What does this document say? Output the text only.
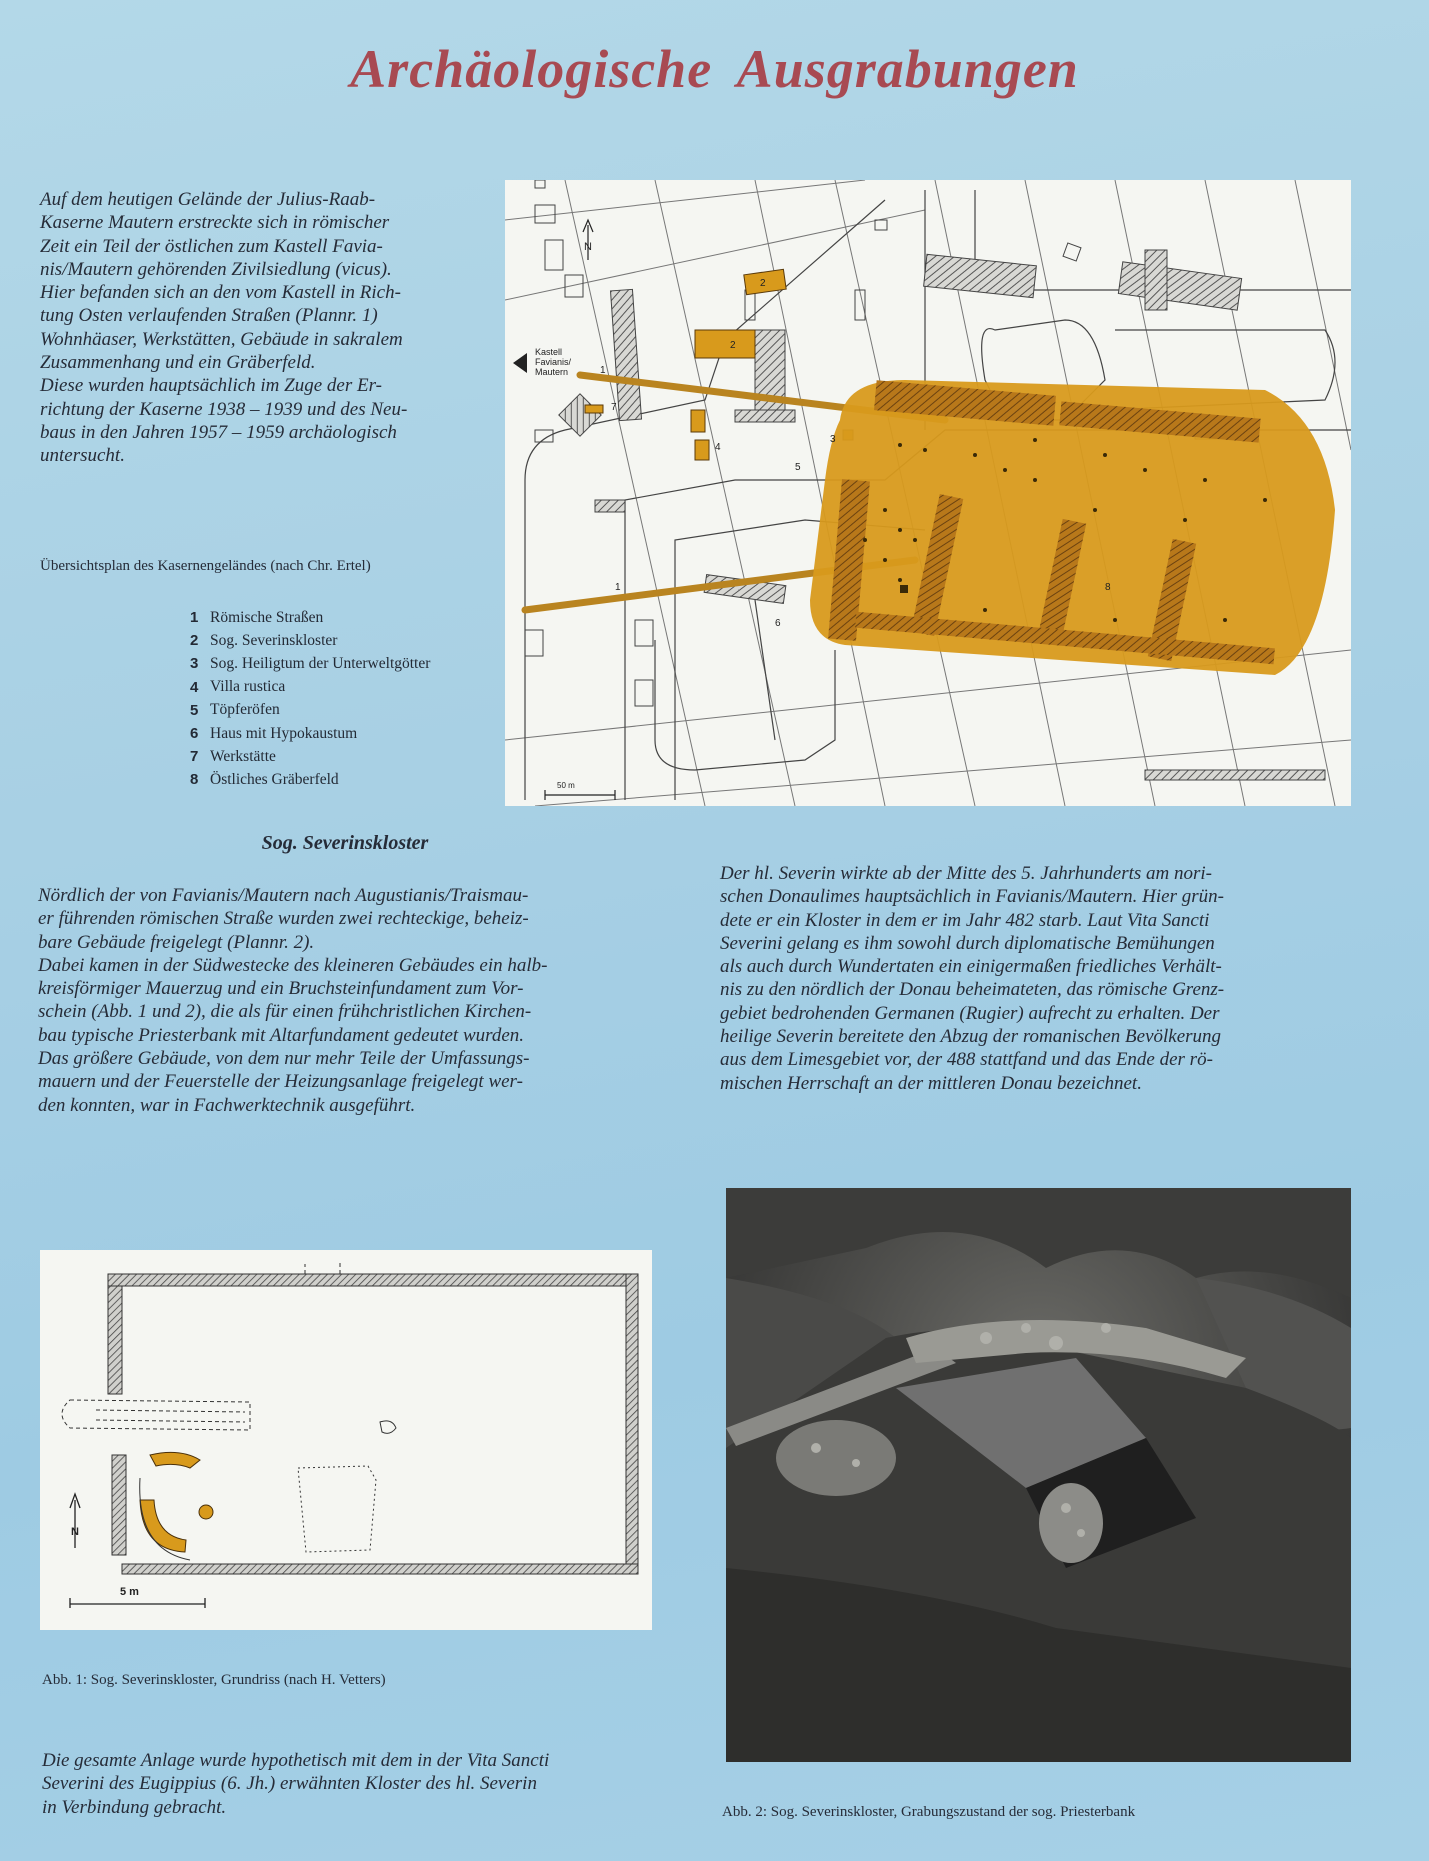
Archäologische Ausgrabungen
Auf dem heutigen Gelände der Julius-Raab-
Kaserne Mautern erstreckte sich in römischer
Zeit ein Teil der östlichen zum Kastell Favia-
nis/Mautern gehörenden Zivilsiedlung (vicus).
Hier befanden sich an den vom Kastell in Rich-
tung Osten verlaufenden Straßen (Plannr. 1)
Wohnhäaser, Werkstätten, Gebäude in sakralem
Zusammenhang und ein Gräberfeld.
Diese wurden hauptsächlich im Zuge der Er-
richtung der Kaserne 1938 – 1939 und des Neu-
baus in den Jahren 1957 – 1959 archäologisch
untersucht.
Übersichtsplan des Kasernengeländes (nach Chr. Ertel)
1 Römische Straßen
2 Sog. Severinskloster
3 Sog. Heiligtum der Unterweltgötter
4 Villa rustica
5 Töpferöfen
6 Haus mit Hypokaustum
7 Werkstätte
8 Östliches Gräberfeld
N
Kastell
Favianis/
Mautern	1
2
2
3
4
5
6
7
8
1
50 m
Sog. Severinskloster
Nördlich der von Favianis/Mautern nach Augustianis/Traismau-
er führenden römischen Straße wurden zwei rechteckige, beheiz-
bare Gebäude freigelegt (Plannr. 2).
Dabei kamen in der Südwestecke des kleineren Gebäudes ein halb-
kreisförmiger Mauerzug und ein Bruchsteinfundament zum Vor-
schein (Abb. 1 und 2), die als für einen frühchristlichen Kirchen-
bau typische Priesterbank mit Altarfundament gedeutet wurden.
Das größere Gebäude, von dem nur mehr Teile der Umfassungs-
mauern und der Feuerstelle der Heizungsanlage freigelegt wer-
den konnten, war in Fachwerktechnik ausgeführt.
Der hl. Severin wirkte ab der Mitte des 5. Jahrhunderts am nori-
schen Donaulimes hauptsächlich in Favianis/Mautern. Hier grün-
dete er ein Kloster in dem er im Jahr 482 starb. Laut Vita Sancti
Severini gelang es ihm sowohl durch diplomatische Bemühungen
als auch durch Wundertaten ein einigermaßen friedliches Verhält-
nis zu den nördlich der Donau beheimateten, das römische Grenz-
gebiet bedrohenden Germanen (Rugier) aufrecht zu erhalten. Der
heilige Severin bereitete den Abzug der romanischen Bevölkerung
aus dem Limesgebiet vor, der 488 stattfand und das Ende der rö-
mischen Herrschaft an der mittleren Donau bezeichnet.
N
5 m
Abb. 1: Sog. Severinskloster, Grundriss (nach H. Vetters)
Die gesamte Anlage wurde hypothetisch mit dem in der Vita Sancti
Severini des Eugippius (6. Jh.) erwähnten Kloster des hl. Severin
in Verbindung gebracht.	Abb. 2: Sog. Severinskloster, Grabungszustand der sog. Priesterbank
